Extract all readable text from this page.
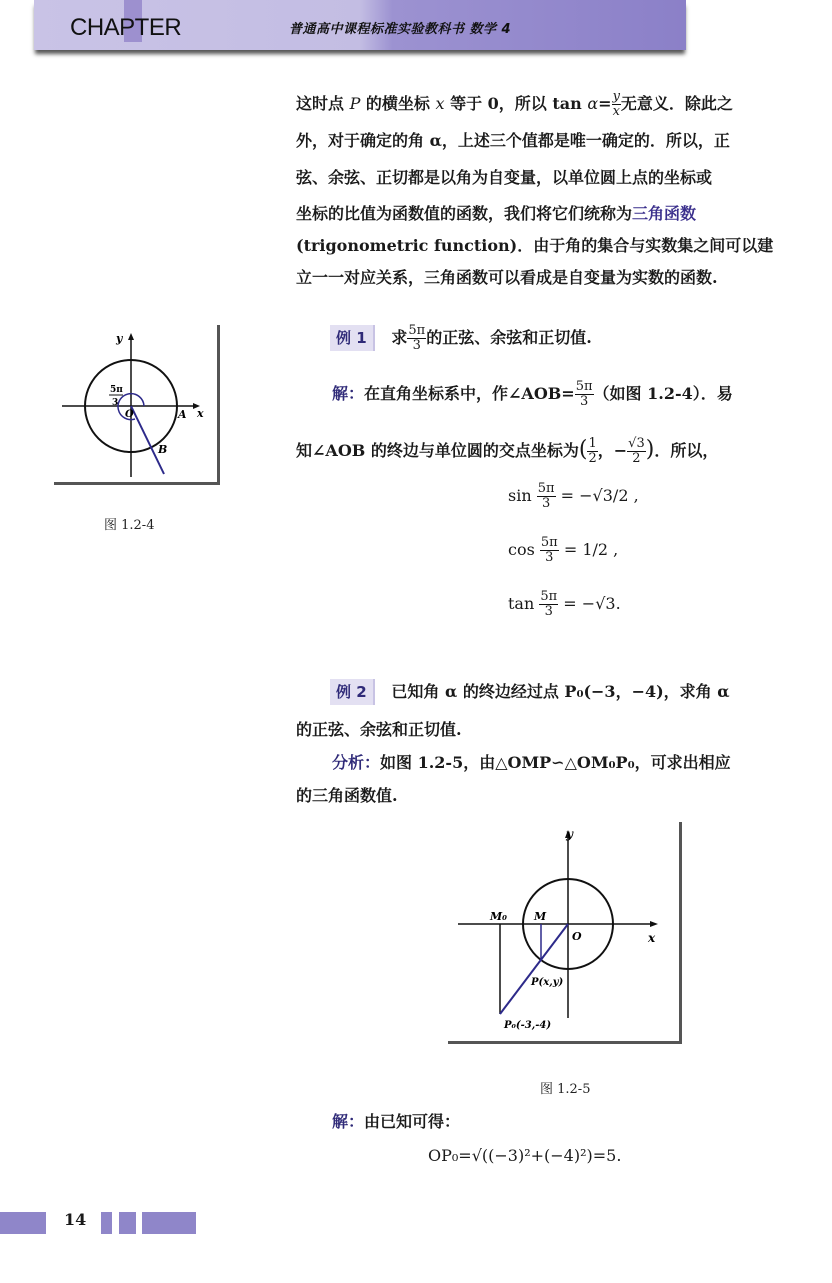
CHAPTER	普通高中课程标准实验教科书 数学 4
这时点 P 的横坐标 x 等于 0，所以 $\tan \alpha= \frac{y}{x}$ 无意义．除此之
外，对于确定的角 α，上述三个值都是唯一确定的．所以，正
弦、余弦、正切都是以角为自变量，以单位圆上点的坐标或
坐标的比值为函数值的函数，我们将它们统称为三角函数
(trigonometric function)．由于角的集合与实数集之间可以建
立一一对应关系，三角函数可以看成是自变量为实数的函数.
y
x
A
B
O
5π
3
图 1.2-4
例 1 求 $\frac{5\pi}{3}$ 的正弦、余弦和正切值.
解：在直角坐标系中，作∠AOB= $\frac{5\pi}{3}$ （如图 1.2-4）．易
知∠AOB 的终边与单位圆的交点坐标为( $\frac{1}{2}$ ，− $\frac{√3}{2}$ )．所以，
$\sin \frac{5\pi}{3} = -√3/2$ ,
$\cos \frac{5\pi}{3} = 1/2$ ,
$\tan \frac{5\pi}{3} = -√3$.
例 2 已知角 α 的终边经过点 P₀(−3，−4)，求角 α
的正弦、余弦和正切值.
分析：如图 1.2-5，由△OMP∽△OM₀P₀，可求出相应
的三角函数值.
y
x
O
M
M₀
P(x,y)
P₀(-3,-4)
图 1.2-5
解：由已知可得：
OP₀=√((−3)²+(−4)²)=5.
14
